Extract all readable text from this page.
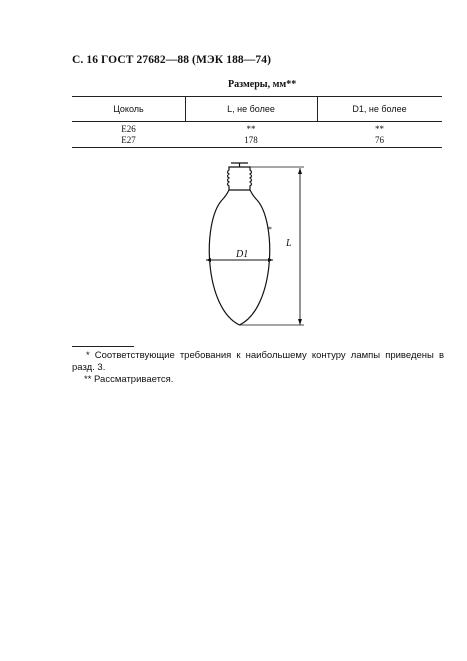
С. 16 ГОСТ 27682—88 (МЭК 188—74)
Размеры, мм**
Цоколь	L, не более	D1, не более
E26	**	**
E27	178	76
D1
L
*
* Соответствующие требования к наибольшему контуру лампы приведены в разд. 3.
** Рассматривается.
